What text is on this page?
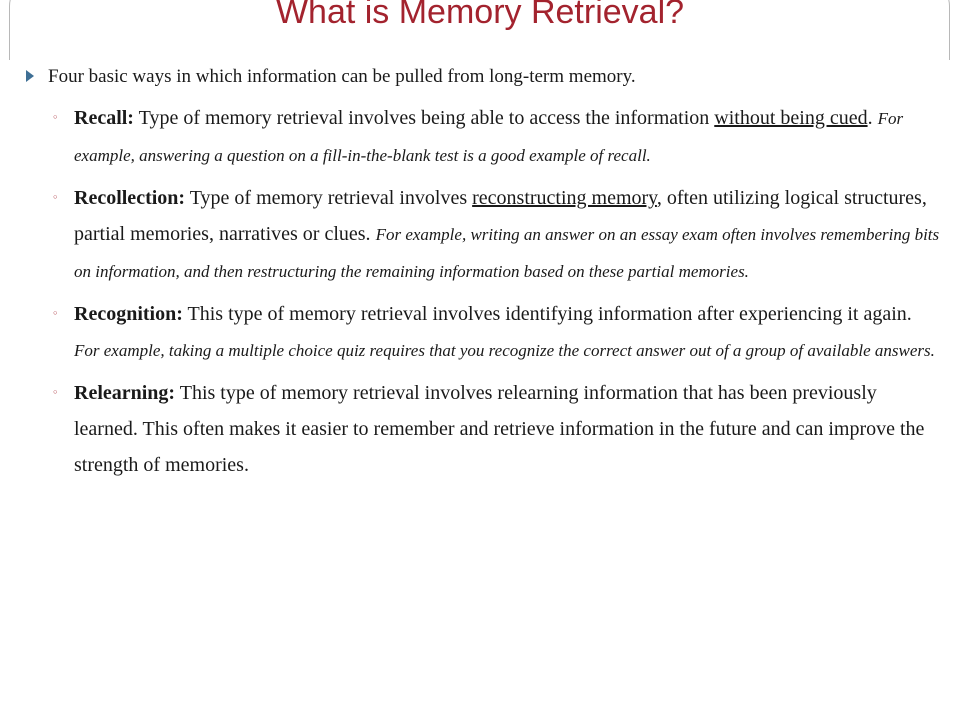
What is Memory Retrieval?
Four basic ways in which information can be pulled from long-term memory.
◦ Recall: Type of memory retrieval involves being able to access the information without being cued. For example, answering a question on a fill-in-the-blank test is a good example of recall.
◦ Recollection: Type of memory retrieval involves reconstructing memory, often utilizing logical structures, partial memories, narratives or clues. For example, writing an answer on an essay exam often involves remembering bits on information, and then restructuring the remaining information based on these partial memories.
◦ Recognition: This type of memory retrieval involves identifying information after experiencing it again. For example, taking a multiple choice quiz requires that you recognize the correct answer out of a group of available answers.
◦ Relearning: This type of memory retrieval involves relearning information that has been previously learned. This often makes it easier to remember and retrieve information in the future and can improve the strength of memories.
